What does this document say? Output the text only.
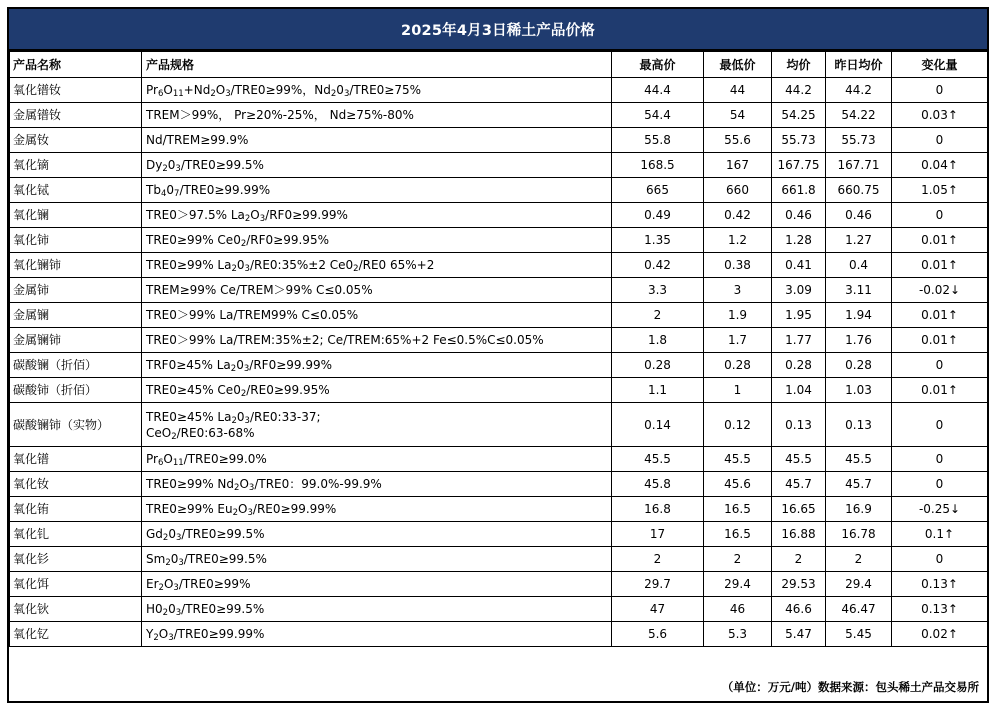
2025年4月3日稀土产品价格
产品名称	产品规格	最高价	最低价	均价	昨日均价	变化量
氧化镨钕	$Pr_6O_{11}+Nd_2O_3/TRE0\ge 99\%$，$Nd_20_3/TRE0\ge 75\%$	44.4	44	44.2	44.2	0
金属镨钕	TREM＞99%， Pr≥20%-25%， Nd≥75%-80%	54.4	54	54.25	54.22	0.03↑
金属钕	Nd/TREM≥99.9%	55.8	55.6	55.73	55.73	0
氧化镝	$Dy_20_3/TRE0\ge 99.5\%$	168.5	167	167.75	167.71	0.04↑
氧化铽	$Tb_40_7/TRE0\ge 99.99\%$	665	660	661.8	660.75	1.05↑
氧化镧	TRE0＞97.5% $La_2O_3/RF0\ge 99.99\%$	0.49	0.42	0.46	0.46	0
氧化铈	TRE0≥99% $Ce0_2/RF0\ge 99.95\%$	1.35	1.2	1.28	1.27	0.01↑
氧化镧铈	TRE0≥99% $La_20_3/RE0:35\%\pm 2$ $Ce0_2/RE0$ 65%+2	0.42	0.38	0.41	0.4	0.01↑
金属铈	TREM≥99% Ce/TREM＞99% C≤0.05%	3.3	3	3.09	3.11	-0.02↓
金属镧	TRE0＞99% La/TREM99% C≤0.05%	2	1.9	1.95	1.94	0.01↑
金属镧铈	TRE0＞99% La/TREM:35%±2; Ce/TREM:65%+2 Fe≤0.5%C≤0.05%	1.8	1.7	1.77	1.76	0.01↑
碳酸镧（折佰）	TRF0≥45% $La_20_3/RF0\ge 99.99\%$	0.28	0.28	0.28	0.28	0
碳酸铈（折佰）	TRE0≥45% $Ce0_2/RE0\ge 99.95\%$	1.1	1	1.04	1.03	0.01↑
碳酸镧铈（实物）	TRE0≥45% $La_20_3/RE0:33-37$;
CeO$_2$/RE0:63-68%	0.14	0.12	0.13	0.13	0
氧化镨	$Pr_6O_{11}/TRE0\ge 99.0\%$	45.5	45.5	45.5	45.5	0
氧化钕	TRE0≥99% $Nd_2O_3/TRE0$：99.0%-99.9%	45.8	45.6	45.7	45.7	0
氧化铕	TRE0≥99% $Eu_2O_3/RE0\ge 99.99\%$	16.8	16.5	16.65	16.9	-0.25↓
氧化钆	$Gd_20_3/TRE0\ge 99.5\%$	17	16.5	16.88	16.78	0.1↑
氧化钐	$Sm_20_3/TRE0\ge 99.5\%$	2	2	2	2	0
氧化饵	$Er_2O_3/TRE0\ge 99\%$	29.7	29.4	29.53	29.4	0.13↑
氧化钬	$H0_20_3/TRE0\ge 99.5\%$	47	46	46.6	46.47	0.13↑
氧化钇	$Y_2O_3/TRE0\ge 99.99\%$	5.6	5.3	5.47	5.45	0.02↑
（单位：万元/吨）数据来源：包头稀土产品交易所
